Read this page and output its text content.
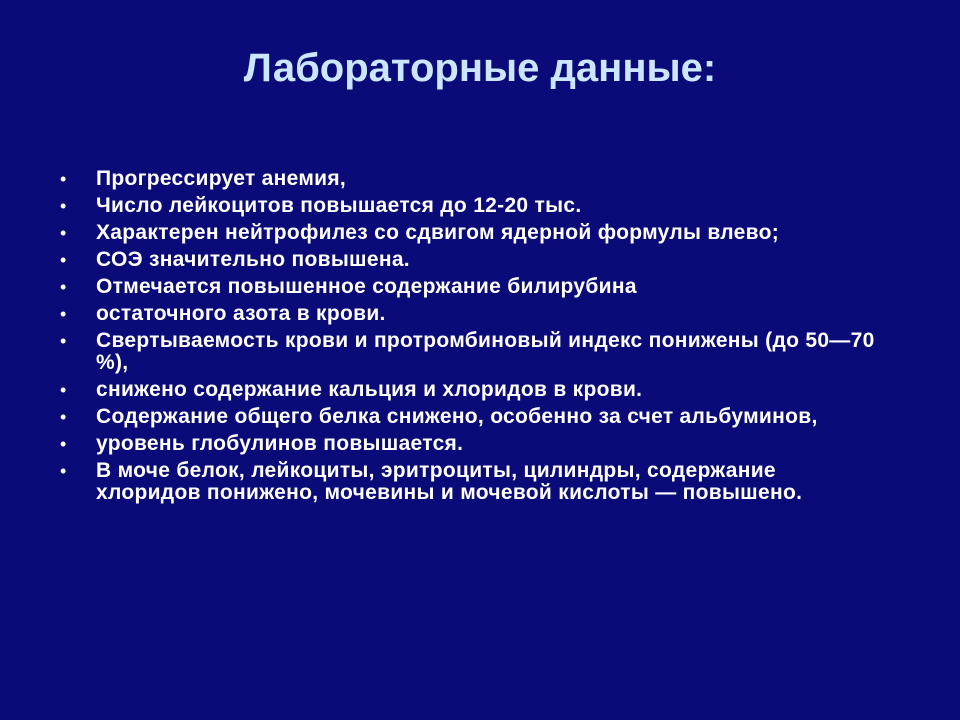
Лабораторные данные:
•	Прогрессирует анемия,
•	Число лейкоцитов повышается до 12-20 тыс.
•	Характерен нейтрофилез со сдвигом ядерной формулы влево;
•	СОЭ значительно повышена.
•	Отмечается повышенное содержание билирубина
•	остаточного азота в крови.
•	Свертываемость крови и протромбиновый индекс понижены (до 50—70 %),
•	снижено содержание кальция и хлоридов в крови.
•	Содержание общего белка снижено, особенно за счет альбуминов,
•	уровень глобулинов повышается.
•	В моче белок, лейкоциты, эритроциты, цилиндры, содержание хлоридов понижено, мочевины и мочевой кислоты — повышено.
